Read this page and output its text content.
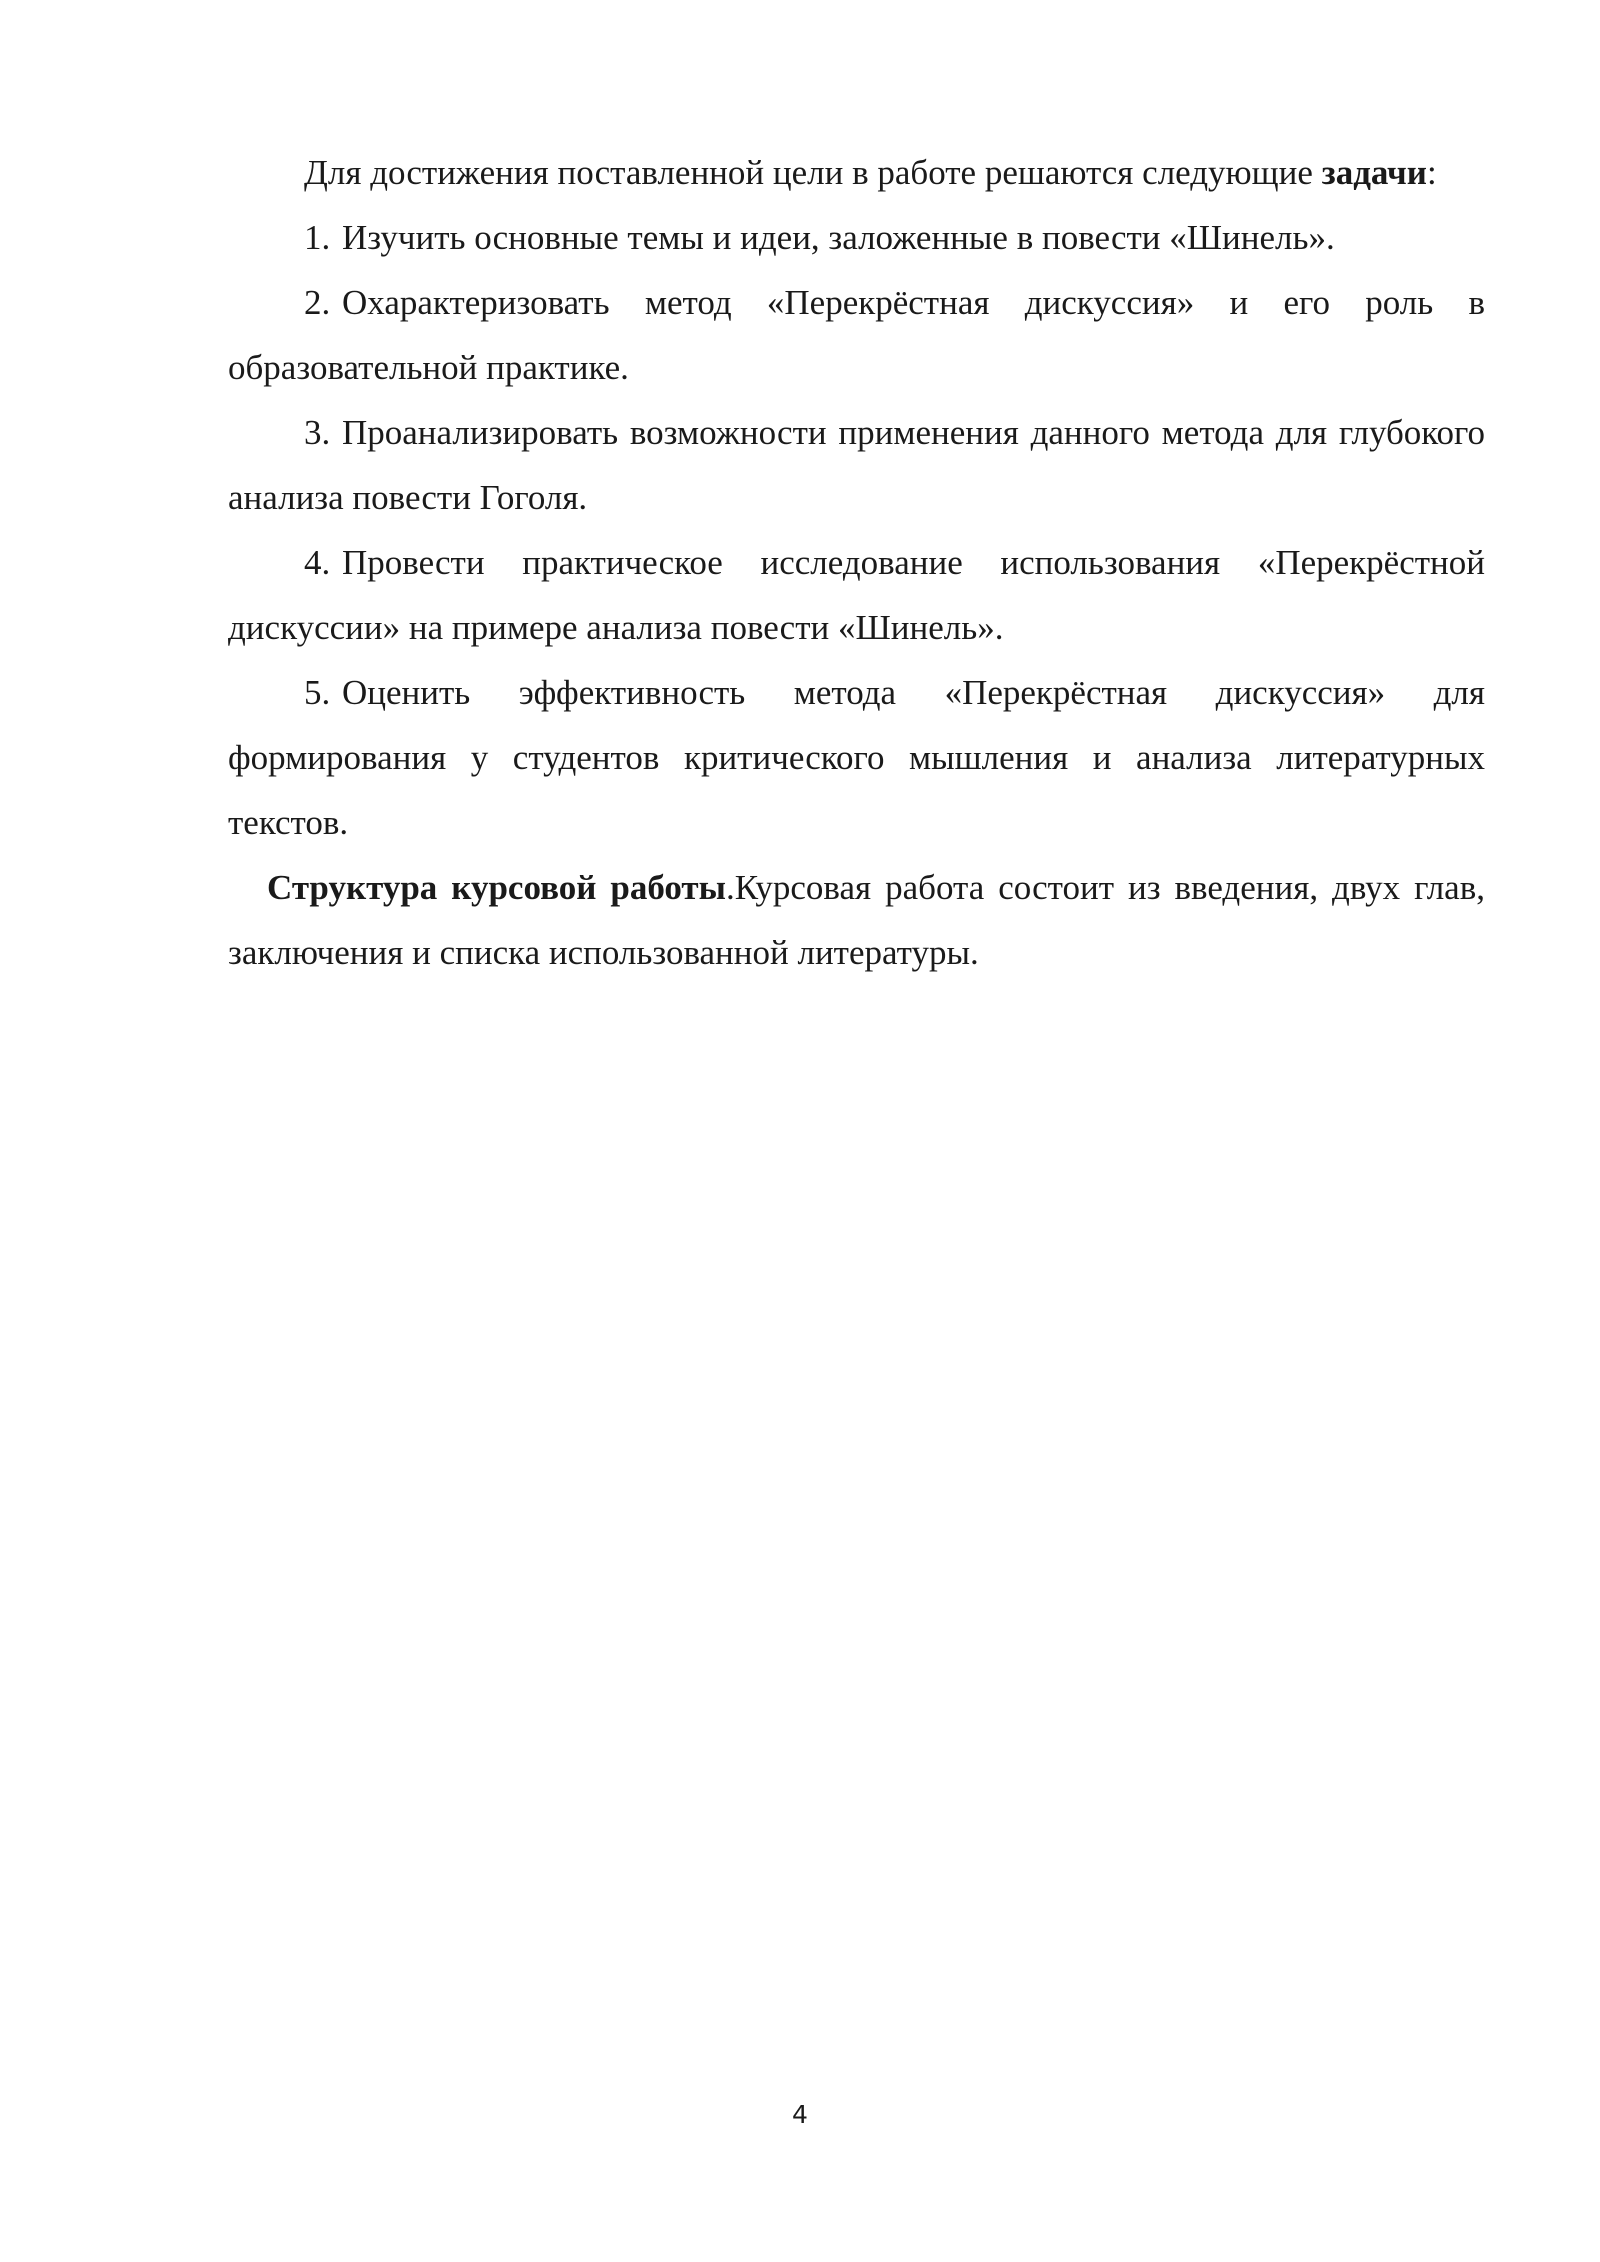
Для достижения поставленной цели в работе решаются следующие задачи:

1. Изучить основные темы и идеи, заложенные в повести «Шинель».

2. Охарактеризовать метод «Перекрёстная дискуссия» и его роль в образовательной практике.

3. Проанализировать возможности применения данного метода для глубокого анализа повести Гоголя.

4. Провести практическое исследование использования «Перекрёстной дискуссии» на примере анализа повести «Шинель».

5. Оценить эффективность метода «Перекрёстная дискуссия» для формирования у студентов критического мышления и анализа литературных текстов.

Структура курсовой работы.Курсовая работа состоит из введения, двух глав, заключения и списка использованной литературы.

4
